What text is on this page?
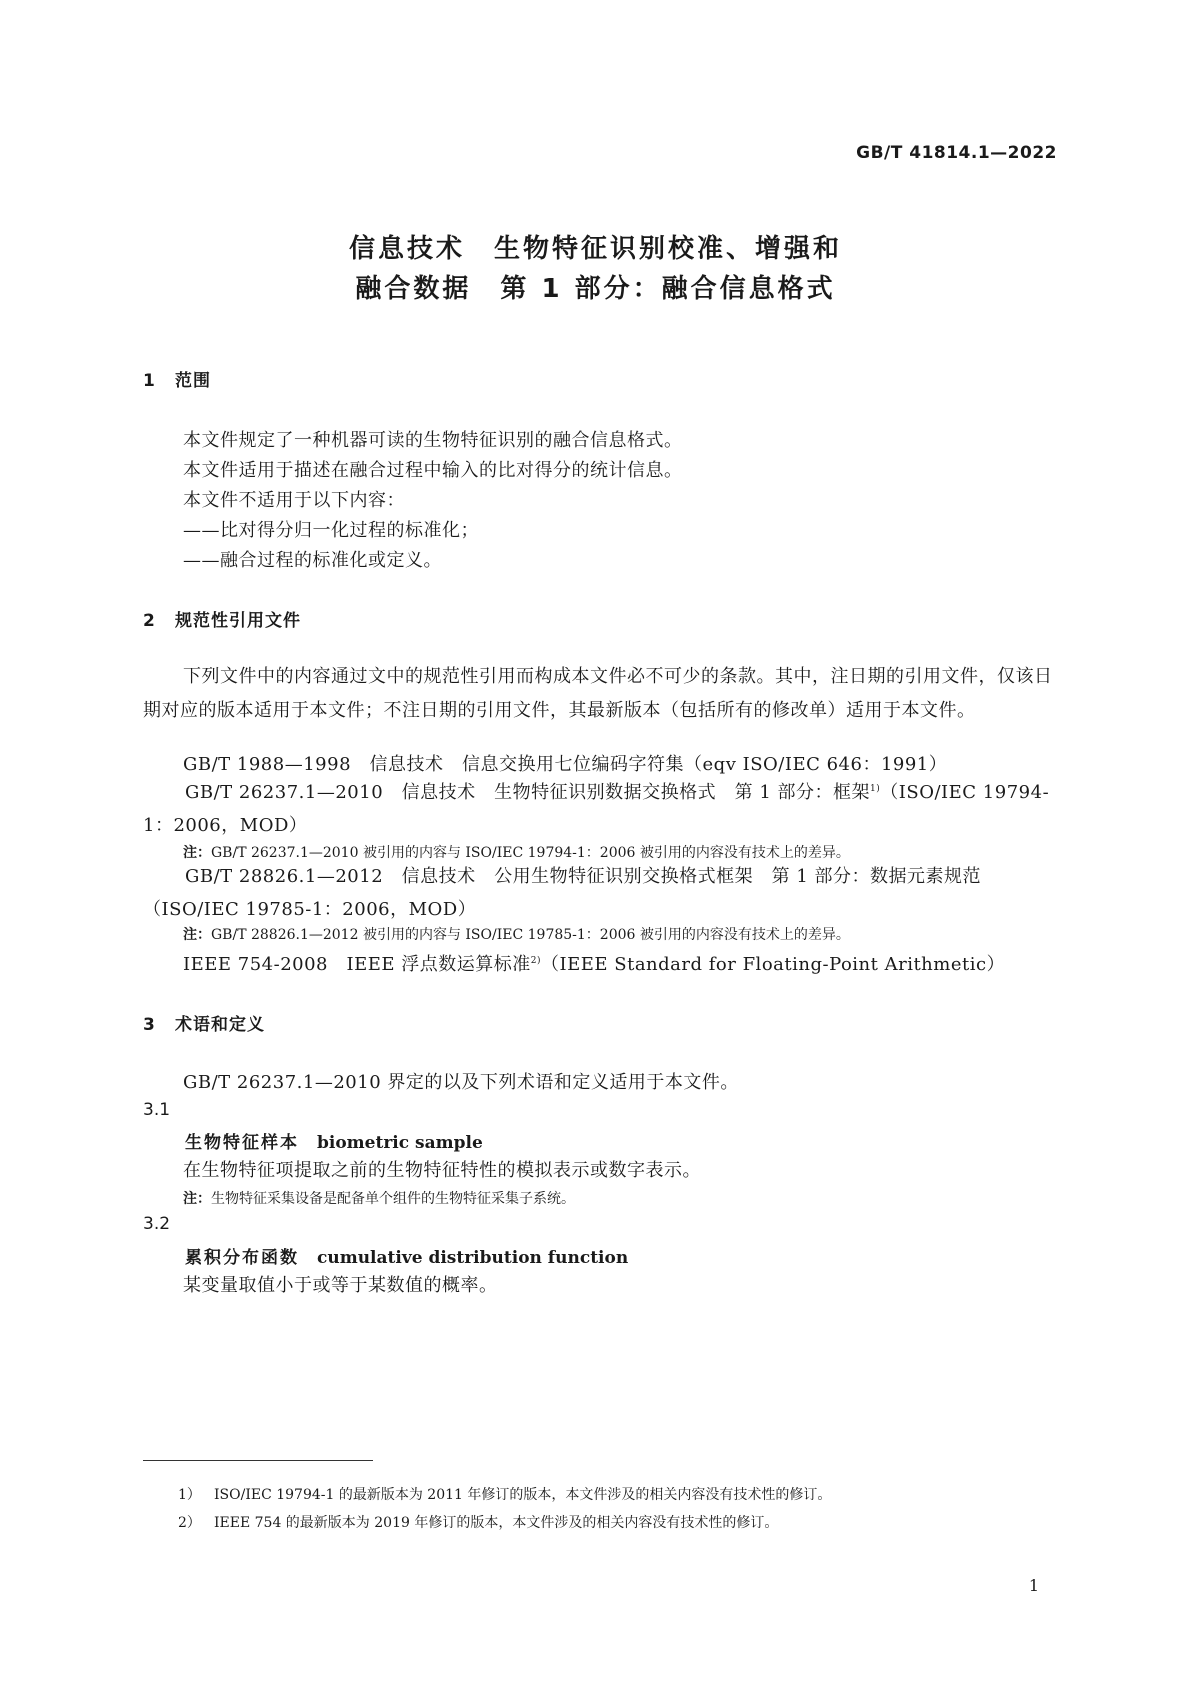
GB/T 41814.1—2022
信息技术　生物特征识别校准、增强和
融合数据　第 1 部分：融合信息格式
1 范围
本文件规定了一种机器可读的生物特征识别的融合信息格式。
本文件适用于描述在融合过程中输入的比对得分的统计信息。
本文件不适用于以下内容：
——比对得分归一化过程的标准化；
——融合过程的标准化或定义。
2 规范性引用文件
下列文件中的内容通过文中的规范性引用而构成本文件必不可少的条款。其中，注日期的引用文件，仅该日期对应的版本适用于本文件；不注日期的引用文件，其最新版本（包括所有的修改单）适用于本文件。
GB/T 1988—1998　信息技术　信息交换用七位编码字符集（eqv ISO/IEC 646：1991）
GB/T 26237.1—2010　信息技术　生物特征识别数据交换格式　第 1 部分：框架$^{1)}$（ISO/IEC 19794-1：2006，MOD）
注：GB/T 26237.1—2010 被引用的内容与 ISO/IEC 19794-1：2006 被引用的内容没有技术上的差异。
GB/T 28826.1—2012　信息技术　公用生物特征识别交换格式框架　第 1 部分：数据元素规范（ISO/IEC 19785-1：2006，MOD）
注：GB/T 28826.1—2012 被引用的内容与 ISO/IEC 19785-1：2006 被引用的内容没有技术上的差异。
IEEE 754-2008　IEEE 浮点数运算标准$^{2)}$（IEEE Standard for Floating-Point Arithmetic）
3 术语和定义
GB/T 26237.1—2010 界定的以及下列术语和定义适用于本文件。
3.1
生物特征样本 biometric sample
在生物特征项提取之前的生物特征特性的模拟表示或数字表示。
注：生物特征采集设备是配备单个组件的生物特征采集子系统。
3.2
累积分布函数 cumulative distribution function
某变量取值小于或等于某数值的概率。
1） ISO/IEC 19794-1 的最新版本为 2011 年修订的版本，本文件涉及的相关内容没有技术性的修订。
2） IEEE 754 的最新版本为 2019 年修订的版本，本文件涉及的相关内容没有技术性的修订。
1
